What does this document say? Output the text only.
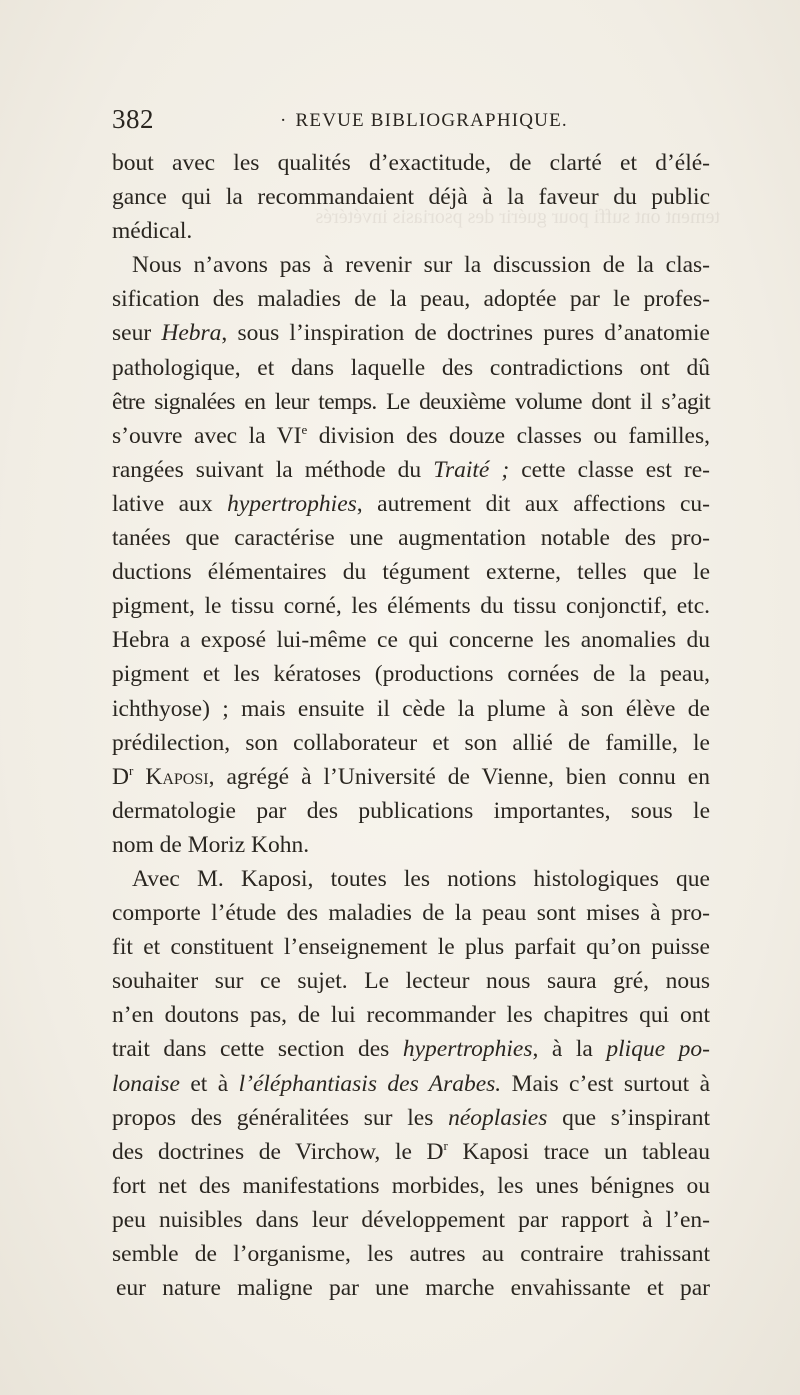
tement ont suffi pour guérir des psoriasis invétérés
382	· REVUE BIBLIOGRAPHIQUE.
bout avec les qualités d’exactitude, de clarté et d’élé-
gance qui la recommandaient déjà à la faveur du public
médical.
Nous n’avons pas à revenir sur la discussion de la clas-
sification des maladies de la peau, adoptée par le profes-
seur Hebra, sous l’inspiration de doctrines pures d’anatomie
pathologique, et dans laquelle des contradictions ont dû
être signalées en leur temps. Le deuxième volume dont il s’agit
s’ouvre avec la VIe division des douze classes ou familles,
rangées suivant la méthode du Traité ; cette classe est re-
lative aux hypertrophies, autrement dit aux affections cu-
tanées que caractérise une augmentation notable des pro-
ductions élémentaires du tégument externe, telles que le
pigment, le tissu corné, les éléments du tissu conjonctif, etc.
Hebra a exposé lui-même ce qui concerne les anomalies du
pigment et les kératoses (productions cornées de la peau,
ichthyose) ; mais ensuite il cède la plume à son élève de
prédilection, son collaborateur et son allié de famille, le
$D^r$ Kaposi, agrégé à l’Université de Vienne, bien connu en
dermatologie par des publications importantes, sous le
nom de Moriz Kohn.
Avec M. Kaposi, toutes les notions histologiques que
comporte l’étude des maladies de la peau sont mises à pro-
fit et constituent l’enseignement le plus parfait qu’on puisse
souhaiter sur ce sujet. Le lecteur nous saura gré, nous
n’en doutons pas, de lui recommander les chapitres qui ont
trait dans cette section des hypertrophies, à la plique po-
lonaise et à l’éléphantiasis des Arabes. Mais c’est surtout à
propos des généralitées sur les néoplasies que s’inspirant
des doctrines de Virchow, le $D^r$ Kaposi trace un tableau
fort net des manifestations morbides, les unes bénignes ou
peu nuisibles dans leur développement par rapport à l’en-
semble de l’organisme, les autres au contraire trahissant
eur nature maligne par une marche envahissante et par
